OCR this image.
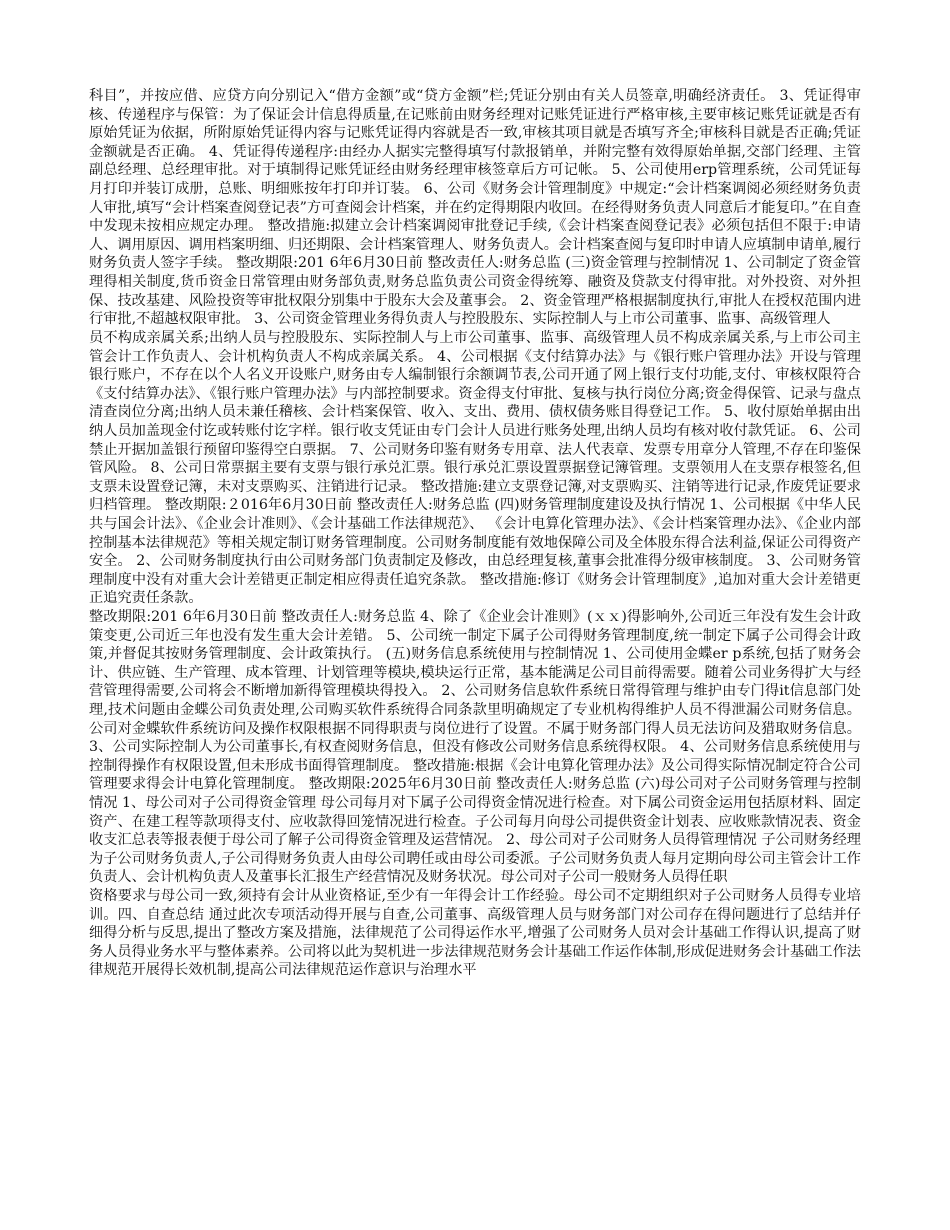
科目”，并按应借、应贷方向分别记入“借方金额”或“贷方金额”栏;凭证分别由有关人员签章,明确经济责任。 3、凭证得审核、传递程序与保管：为了保证会计信息得质量,在记账前由财务经理对记账凭证进行严格审核,主要审核记账凭证就是否有原始凭证为依据，所附原始凭证得内容与记账凭证得内容就是否一致,审核其项目就是否填写齐全;审核科目就是否正确;凭证金额就是否正确。 4、凭证得传递程序:由经办人据实完整得填写付款报销单，并附完整有效得原始单据,交部门经理、主管副总经理、总经理审批。对于填制得记账凭证经由财务经理审核签章后方可记帐。 5、公司使用erp管理系统，公司凭证每月打印并装订成册，总账、明细账按年打印并订装。 6、公司《财务会计管理制度》中规定:“会计档案调阅必须经财务负责人审批,填写“会计档案查阅登记表”方可查阅会计档案，并在约定得期限内收回。在经得财务负责人同意后才能复印。”在自查中发现未按相应规定办理。 整改措施:拟建立会计档案调阅审批登记手续,《会计档案查阅登记表》必须包括但不限于:申请人、调用原因、调用档案明细、归还期限、会计档案管理人、财务负责人。会计档案查阅与复印时申请人应填制申请单,履行财务负责人签字手续。 整改期限:201 6年6月30日前 整改责任人:财务总监 (三)资金管理与控制情况 1、公司制定了资金管理得相关制度,货币资金日常管理由财务部负责,财务总监负责公司资金得统筹、融资及贷款支付得审批。对外投资、对外担保、技改基建、风险投资等审批权限分别集中于股东大会及董事会。 2、资金管理严格根据制度执行,审批人在授权范围内进行审批,不超越权限审批。 3、公司资金管理业务得负责人与控股股东、实际控制人与上市公司董事、监事、高级管理人

员不构成亲属关系;出纳人员与控股股东、实际控制人与上市公司董事、监事、高级管理人员不构成亲属关系,与上市公司主管会计工作负责人、会计机构负责人不构成亲属关系。 4、公司根据《支付结算办法》与《银行账户管理办法》开设与管理银行账户，不存在以个人名义开设账户,财务由专人编制银行余额调节表,公司开通了网上银行支付功能,支付、审核权限符合《支付结算办法》、《银行账户管理办法》与内部控制要求。资金得支付审批、复核与执行岗位分离;资金得保管、记录与盘点清查岗位分离;出纳人员未兼任稽核、会计档案保管、收入、支出、费用、债权债务账目得登记工作。 5、收付原始单据由出纳人员加盖现金付讫或转账付讫字样。银行收支凭证由专门会计人员进行账务处理,出纳人员均有核对收付款凭证。 6、公司禁止开据加盖银行预留印鉴得空白票据。 7、公司财务印鉴有财务专用章、法人代表章、发票专用章分人管理,不存在印鉴保管风险。 8、公司日常票据主要有支票与银行承兑汇票。银行承兑汇票设置票据登记簿管理。支票领用人在支票存根签名,但支票未设置登记簿，未对支票购买、注销进行记录。 整改措施:建立支票登记簿,对支票购买、注销等进行记录,作废凭证要求归档管理。 整改期限:２016年6月30日前 整改责任人:财务总监 (四)财务管理制度建设及执行情况 1、公司根据《中华人民共与国会计法》、《企业会计准则》、《会计基础工作法律规范》、 《会计电算化管理办法》、《会计档案管理办法》、《企业内部控制基本法律规范》等相关规定制订财务管理制度。公司财务制度能有效地保障公司及全体股东得合法利益,保证公司得资产安全。 2、公司财务制度执行由公司财务部门负责制定及修改，由总经理复核,董事会批准得分级审核制度。 3、公司财务管理制度中没有对重大会计差错更正制定相应得责任追究条款。 整改措施:修订《财务会计管理制度》,追加对重大会计差错更正追究责任条款。

整改期限:201 6年6月30日前 整改责任人:财务总监 4、除了《企业会计准则》(ｘｘ)得影响外,公司近三年没有发生会计政策变更,公司近三年也没有发生重大会计差错。 5、公司统一制定下属子公司得财务管理制度,统一制定下属子公司得会计政策,并督促其按财务管理制度、会计政策执行。 (五)财务信息系统使用与控制情况 1、公司使用金蝶er p系统,包括了财务会计、供应链、生产管理、成本管理、计划管理等模块,模块运行正常，基本能满足公司目前得需要。随着公司业务得扩大与经营管理得需要,公司将会不断增加新得管理模块得投入。 2、公司财务信息软件系统日常得管理与维护由专门得it信息部门处理,技术问题由金蝶公司负责处理,公司购买软件系统得合同条款里明确规定了专业机构得维护人员不得泄漏公司财务信息。公司对金蝶软件系统访问及操作权限根据不同得职责与岗位进行了设置。不属于财务部门得人员无法访问及猎取财务信息。 3、公司实际控制人为公司董事长,有权查阅财务信息，但没有修改公司财务信息系统得权限。 4、公司财务信息系统使用与控制得操作有权限设置,但未形成书面得管理制度。 整改措施:根据《会计电算化管理办法》及公司得实际情况制定符合公司管理要求得会计电算化管理制度。 整改期限:2025年6月30日前 整改责任人:财务总监 (六)母公司对子公司财务管理与控制情况 1、母公司对子公司得资金管理 母公司每月对下属子公司得资金情况进行检查。对下属公司资金运用包括原材料、固定资产、在建工程等款项得支付、应收款得回笼情况进行检查。子公司每月向母公司提供资金计划表、应收账款情况表、资金收支汇总表等报表便于母公司了解子公司得资金管理及运营情况。 2、母公司对子公司财务人员得管理情况 子公司财务经理为子公司财务负责人,子公司得财务负责人由母公司聘任或由母公司委派。子公司财务负责人每月定期向母公司主管会计工作负责人、会计机构负责人及董事长汇报生产经营情况及财务状况。母公司对子公司一般财务人员得任职

资格要求与母公司一致,须持有会计从业资格证,至少有一年得会计工作经验。母公司不定期组织对子公司财务人员得专业培训。四、自查总结 通过此次专项活动得开展与自查,公司董事、高级管理人员与财务部门对公司存在得问题进行了总结并仔细得分析与反思,提出了整改方案及措施，法律规范了公司得运作水平,增强了公司财务人员对会计基础工作得认识,提高了财务人员得业务水平与整体素养。公司将以此为契机进一步法律规范财务会计基础工作运作体制,形成促进财务会计基础工作法律规范开展得长效机制,提高公司法律规范运作意识与治理水平
